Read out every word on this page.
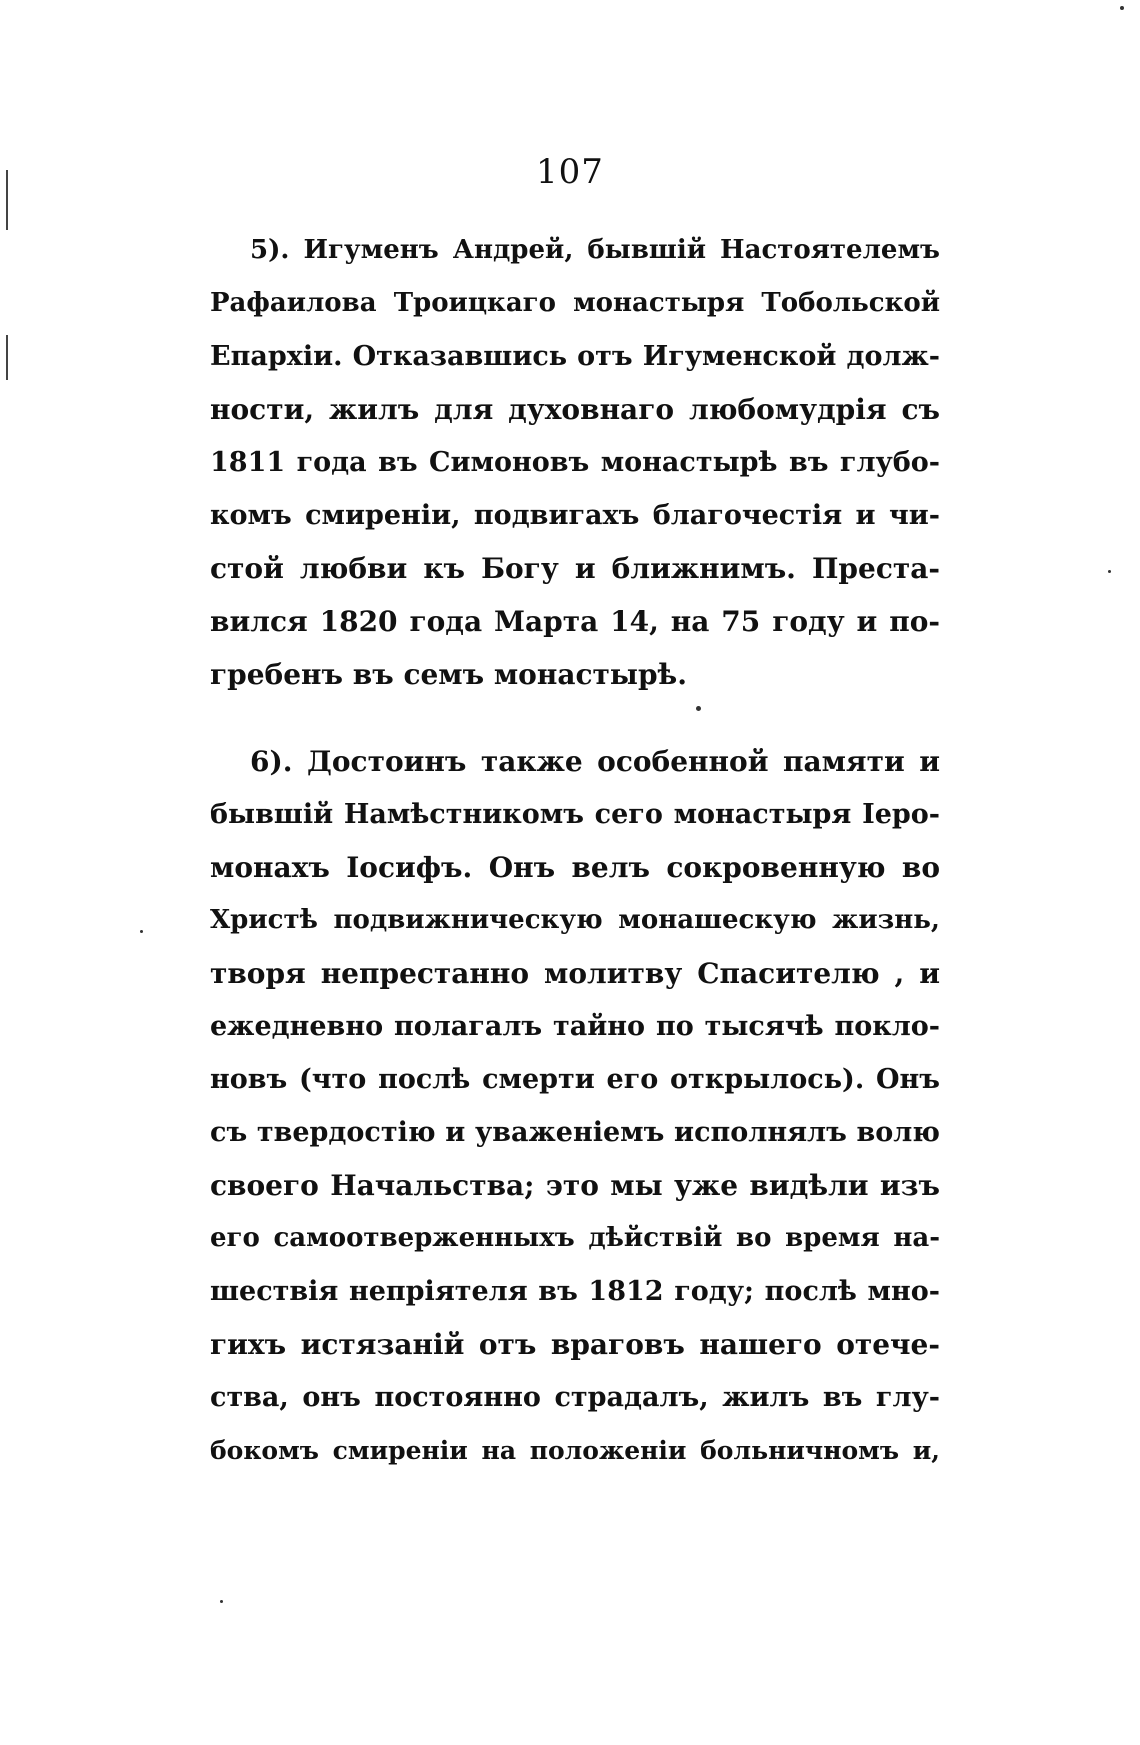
107
5). Игуменъ Андрей, бывшій Настоятелемъ
Рафаилова Троицкаго монастыря Тобольской
Епархіи. Отказавшись отъ Игуменской долж-
ности, жилъ для духовнаго любомудрія съ
1811 года въ Симоновъ монастырѣ въ глубо-
комъ смиреніи, подвигахъ благочестія и чи-
стой любви къ Богу и ближнимъ. Преста-
вился 1820 года Марта 14, на 75 году и по-
гребенъ въ семъ монастырѣ.
6). Достоинъ также особенной памяти и
бывшій Намѣстникомъ сего монастыря Іеро-
монахъ Іосифъ. Онъ велъ сокровенную во
Христѣ подвижническую монашескую жизнь,
творя непрестанно молитву Спасителю , и
ежедневно полагалъ тайно по тысячѣ покло-
новъ (что послѣ смерти его открылось). Онъ
съ твердостію и уваженіемъ исполнялъ волю
своего Начальства; это мы уже видѣли изъ
его самоотверженныхъ дѣйствій во время на-
шествія непріятеля въ 1812 году; послѣ мно-
гихъ истязаній отъ враговъ нашего отече-
ства, онъ постоянно страдалъ, жилъ въ глу-
бокомъ смиреніи на положеніи больничномъ и,
